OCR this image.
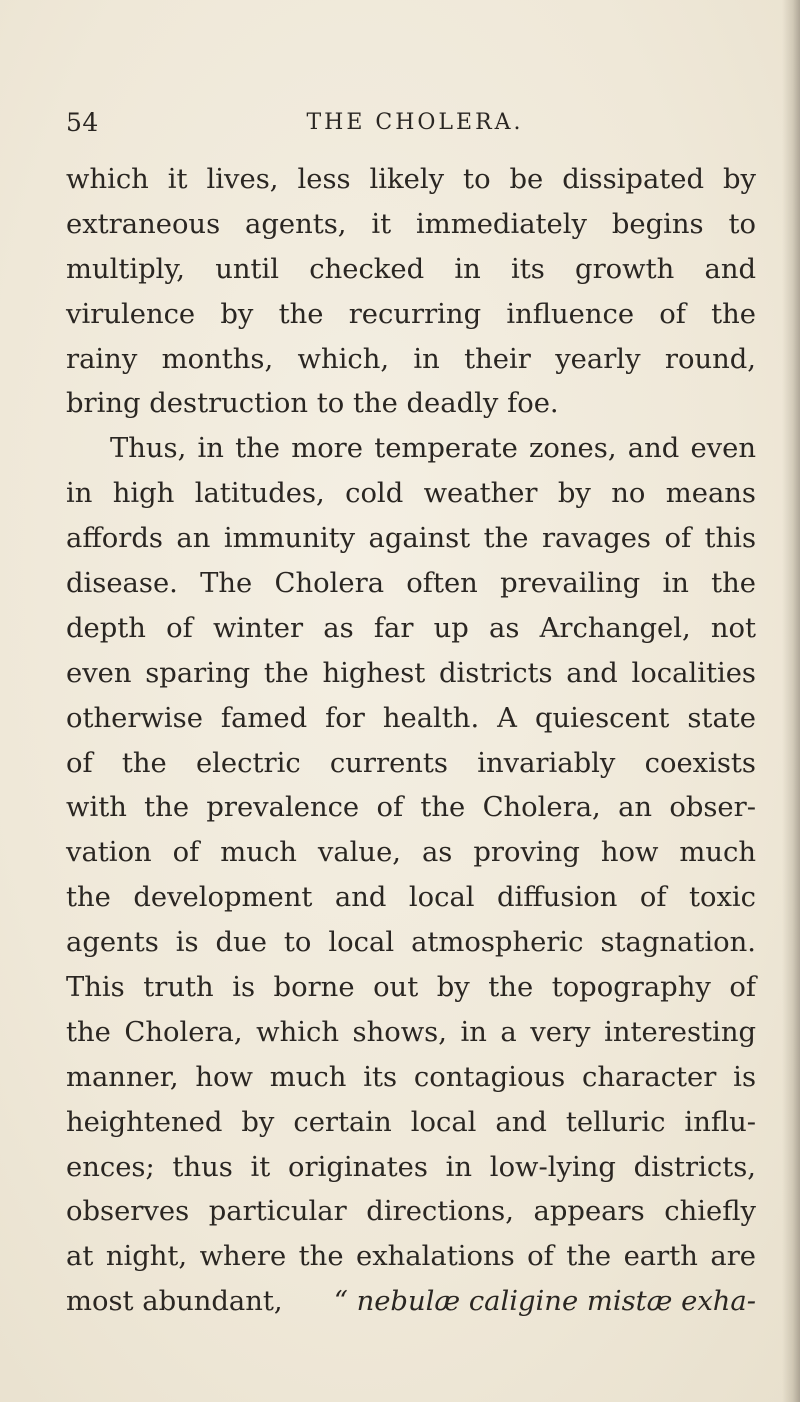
54	THE CHOLERA.
which it lives, less likely to be dissipated by
extraneous agents, it immediately begins to
multiply, until checked in its growth and
virulence by the recurring influence of the
rainy months, which, in their yearly round,
bring destruction to the deadly foe.
Thus, in the more temperate zones, and even
in high latitudes, cold weather by no means
affords an immunity against the ravages of this
disease. The Cholera often prevailing in the
depth of winter as far up as Archangel, not
even sparing the highest districts and localities
otherwise famed for health. A quiescent state
of the electric currents invariably coexists
with the prevalence of the Cholera, an obser-
vation of much value, as proving how much
the development and local diffusion of toxic
agents is due to local atmospheric stagnation.
This truth is borne out by the topography of
the Cholera, which shows, in a very interesting
manner, how much its contagious character is
heightened by certain local and telluric influ-
ences; thus it originates in low-lying districts,
observes particular directions, appears chiefly
at night, where the exhalations of the earth are
most abundant, “ nebulæ caligine mistæ exha-
